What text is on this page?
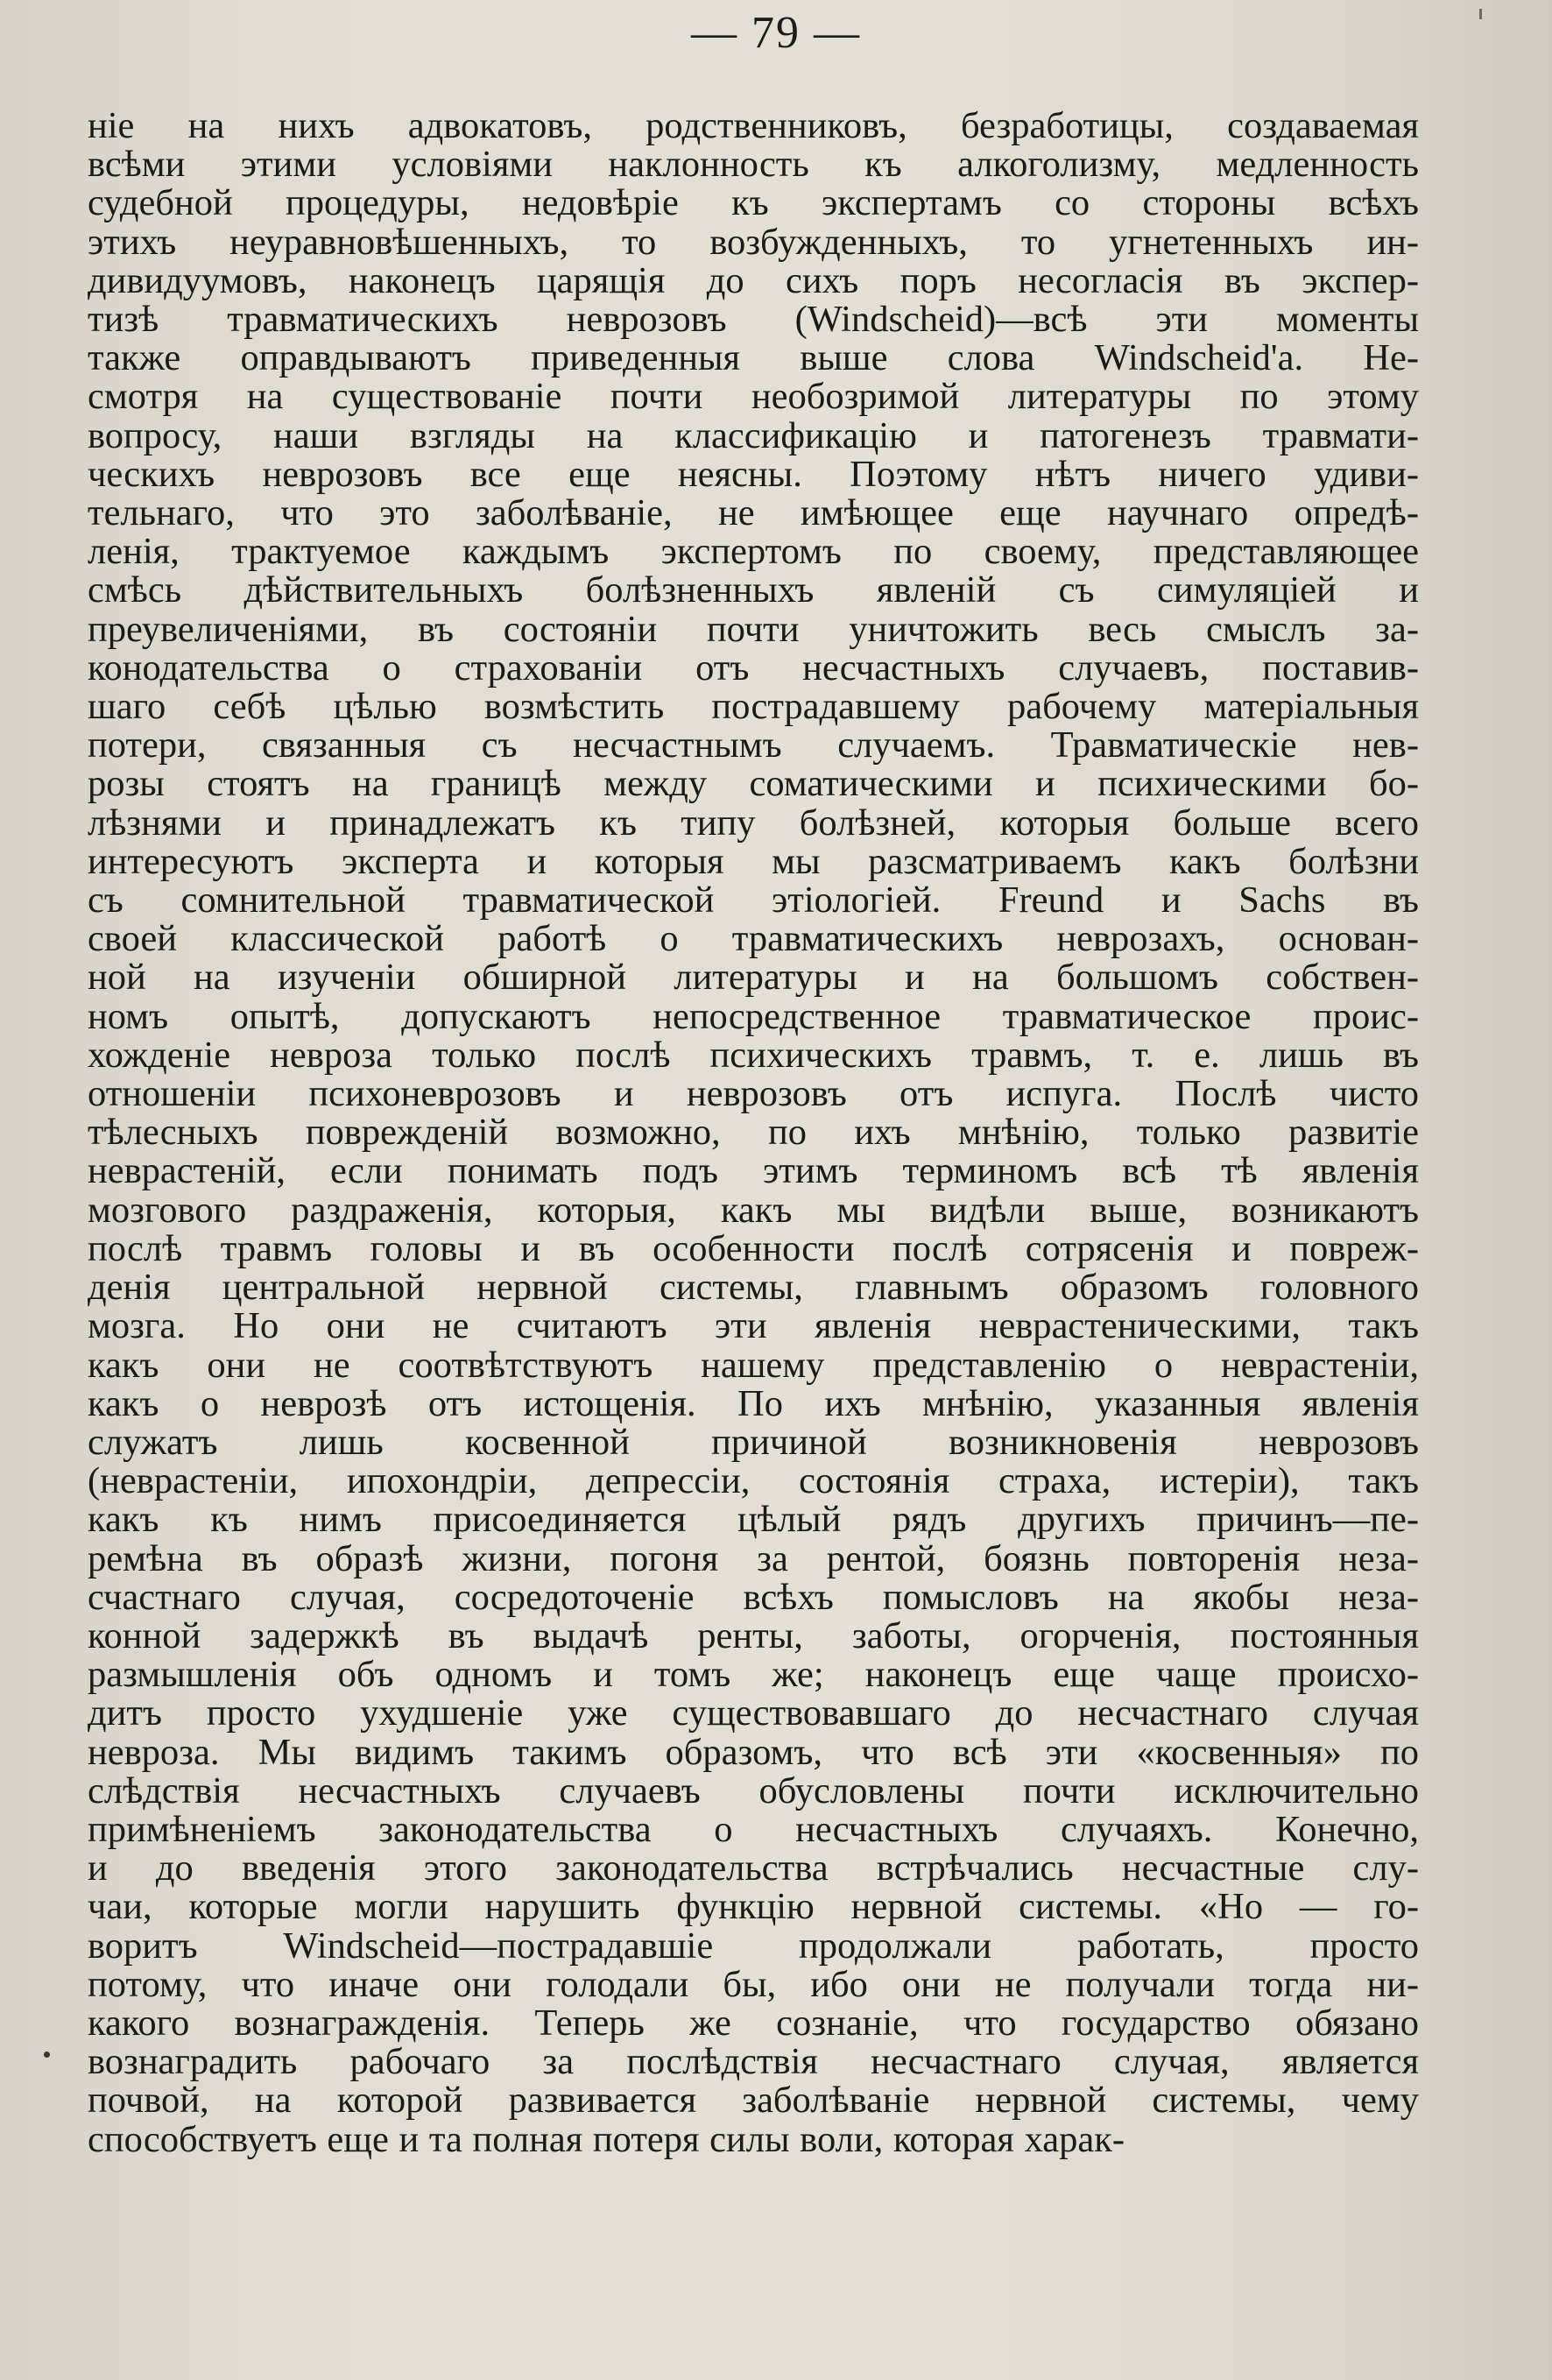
— 79 —
ніе на нихъ адвокатовъ, родственниковъ, безработицы, создаваемая
всѣми этими условіями наклонность къ алкоголизму, медленность
судебной процедуры, недовѣріе къ экспертамъ со стороны всѣхъ
этихъ неуравновѣшенныхъ, то возбужденныхъ, то угнетенныхъ ин-
дивидуумовъ, наконецъ царящія до сихъ поръ несогласія въ экспер-
тизѣ травматическихъ неврозовъ (Windscheid)—всѣ эти моменты
также оправдываютъ приведенныя выше слова Windscheid'a. Не-
смотря на существованіе почти необозримой литературы по этому
вопросу, наши взгляды на классификацію и патогенезъ травмати-
ческихъ неврозовъ все еще неясны. Поэтому нѣтъ ничего удиви-
тельнаго, что это заболѣваніе, не имѣющее еще научнаго опредѣ-
ленія, трактуемое каждымъ экспертомъ по своему, представляющее
смѣсь дѣйствительныхъ болѣзненныхъ явленій съ симуляціей и
преувеличеніями, въ состояніи почти уничтожить весь смыслъ за-
конодательства о страхованіи отъ несчастныхъ случаевъ, поставив-
шаго себѣ цѣлью возмѣстить пострадавшему рабочему матеріальныя
потери, связанныя съ несчастнымъ случаемъ. Травматическіе нев-
розы стоятъ на границѣ между соматическими и психическими бо-
лѣзнями и принадлежатъ къ типу болѣзней, которыя больше всего
интересуютъ эксперта и которыя мы разсматриваемъ какъ болѣзни
съ сомнительной травматической этіологіей. Freund и Sachs въ
своей классической работѣ о травматическихъ неврозахъ, основан-
ной на изученіи обширной литературы и на большомъ собствен-
номъ опытѣ, допускаютъ непосредственное травматическое проис-
хожденіе невроза только послѣ психическихъ травмъ, т. е. лишь въ
отношеніи психоневрозовъ и неврозовъ отъ испуга. Послѣ чисто
тѣлесныхъ поврежденій возможно, по ихъ мнѣнію, только развитіе
неврастеній, если понимать подъ этимъ терминомъ всѣ тѣ явленія
мозгового раздраженія, которыя, какъ мы видѣли выше, возникаютъ
послѣ травмъ головы и въ особенности послѣ сотрясенія и повреж-
денія центральной нервной системы, главнымъ образомъ головного
мозга. Но они не считаютъ эти явленія неврастеническими, такъ
какъ они не соотвѣтствуютъ нашему представленію о неврастеніи,
какъ о неврозѣ отъ истощенія. По ихъ мнѣнію, указанныя явленія
служатъ лишь косвенной причиной возникновенія неврозовъ
(неврастеніи, ипохондріи, депрессіи, состоянія страха, истеріи), такъ
какъ къ нимъ присоединяется цѣлый рядъ другихъ причинъ—пе-
ремѣна въ образѣ жизни, погоня за рентой, боязнь повторенія неза-
счастнаго случая, сосредоточеніе всѣхъ помысловъ на якобы неза-
конной задержкѣ въ выдачѣ ренты, заботы, огорченія, постоянныя
размышленія объ одномъ и томъ же; наконецъ еще чаще происхо-
дитъ просто ухудшеніе уже существовавшаго до несчастнаго случая
невроза. Мы видимъ такимъ образомъ, что всѣ эти «косвенныя» по
слѣдствія несчастныхъ случаевъ обусловлены почти исключительно
примѣненіемъ законодательства о несчастныхъ случаяхъ. Конечно,
и до введенія этого законодательства встрѣчались несчастные слу-
чаи, которые могли нарушить функцію нервной системы. «Но — го-
воритъ Windscheid—пострадавшіе продолжали работать, просто
потому, что иначе они голодали бы, ибо они не получали тогда ни-
какого вознагражденія. Теперь же сознаніе, что государство обязано
вознаградить рабочаго за послѣдствія несчастнаго случая, является
почвой, на которой развивается заболѣваніе нервной системы, чему
способствуетъ еще и та полная потеря силы воли, которая харак-
